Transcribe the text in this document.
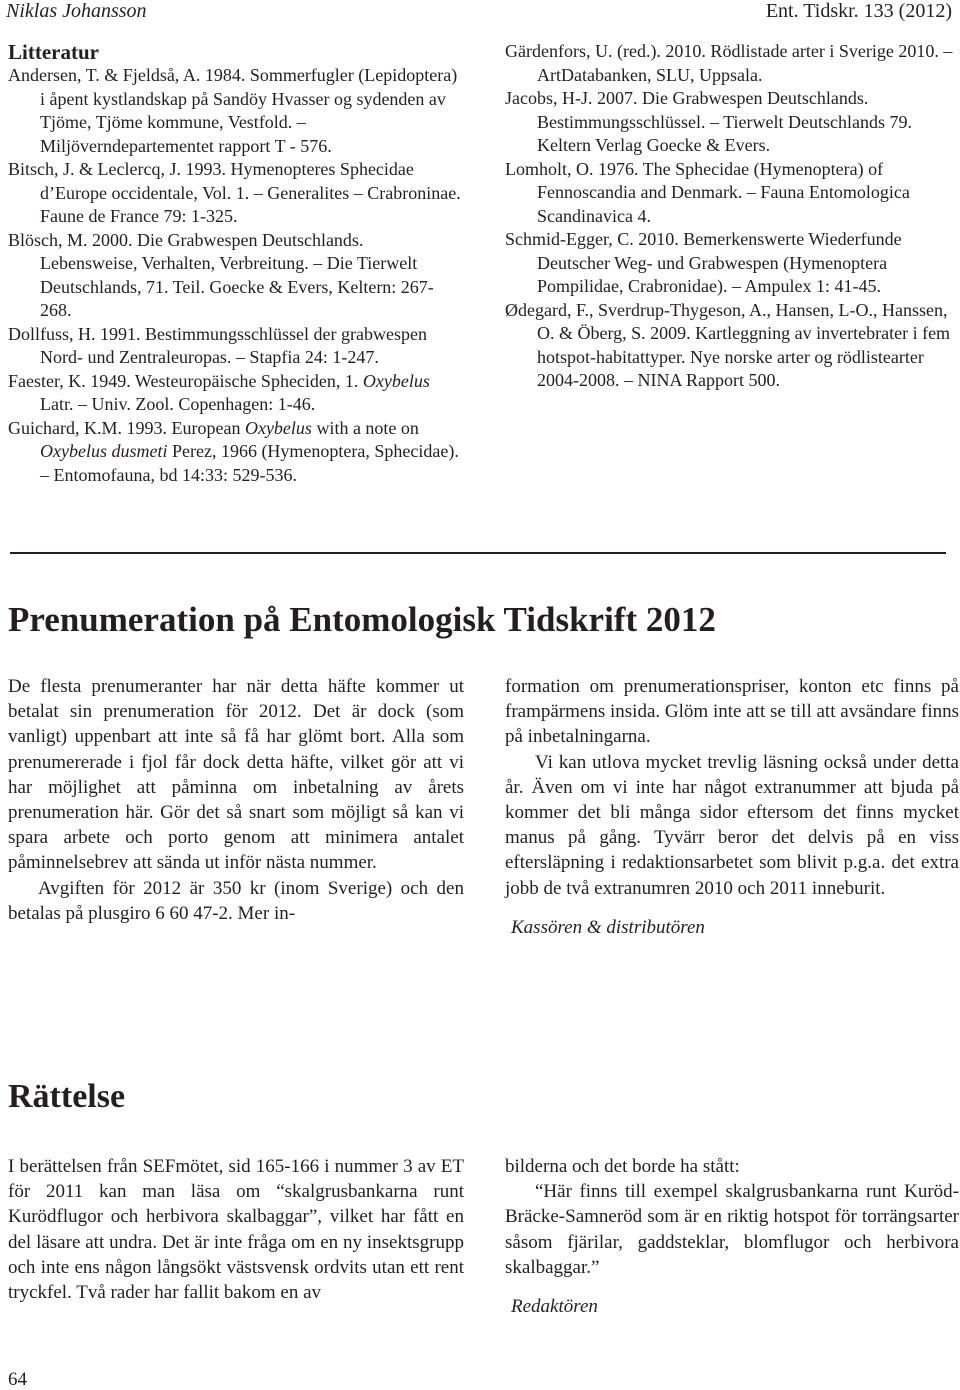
Niklas Johansson	Ent. Tidskr. 133 (2012)
Litteratur
Andersen, T. & Fjeldså, A. 1984. Sommerfugler (Lepidoptera) i åpent kystlandskap på Sandöy Hvasser og sydenden av Tjöme, Tjöme kommune, Vestfold. – Miljöverndepartementet rapport T - 576.
Bitsch, J. & Leclercq, J. 1993. Hymenopteres Sphecidae d’Europe occidentale, Vol. 1. – Generalites – Crabroninae. Faune de France 79: 1-325.
Blösch, M. 2000. Die Grabwespen Deutschlands. Lebensweise, Verhalten, Verbreitung. – Die Tierwelt Deutschlands, 71. Teil. Goecke & Evers, Keltern: 267-268.
Dollfuss, H. 1991. Bestimmungsschlüssel der grabwespen Nord- und Zentraleuropas. – Stapfia 24: 1-247.
Faester, K. 1949. Westeuropäische Spheciden, 1. Oxybelus Latr. – Univ. Zool. Copenhagen: 1-46.
Guichard, K.M. 1993. European Oxybelus with a note on Oxybelus dusmeti Perez, 1966 (Hymenoptera, Sphecidae). – Entomofauna, bd 14:33: 529-536.
Gärdenfors, U. (red.). 2010. Rödlistade arter i Sverige 2010. – ArtDatabanken, SLU, Uppsala.
Jacobs, H-J. 2007. Die Grabwespen Deutschlands. Bestimmungsschlüssel. – Tierwelt Deutschlands 79. Keltern Verlag Goecke & Evers.
Lomholt, O. 1976. The Sphecidae (Hymenoptera) of Fennoscandia and Denmark. – Fauna Entomologica Scandinavica 4.
Schmid-Egger, C. 2010. Bemerkenswerte Wiederfunde Deutscher Weg- und Grabwespen (Hymenoptera Pompilidae, Crabronidae). – Ampulex 1: 41-45.
Ødegard, F., Sverdrup-Thygeson, A., Hansen, L-O., Hanssen, O. & Öberg, S. 2009. Kartleggning av invertebrater i fem hotspot-habitattyper. Nye norske arter og rödlistearter 2004-2008. – NINA Rapport 500.
Prenumeration på Entomologisk Tidskrift 2012

De flesta prenumeranter har när detta häfte kommer ut betalat sin prenumeration för 2012. Det är dock (som vanligt) uppenbart att inte så få har glömt bort. Alla som prenumererade i fjol får dock detta häfte, vilket gör att vi har möjlighet att påminna om inbetalning av årets prenumeration här. Gör det så snart som möjligt så kan vi spara arbete och porto genom att minimera antalet påminnelsebrev att sända ut inför nästa nummer.

Avgiften för 2012 är 350 kr (inom Sverige) och den betalas på plusgiro 6 60 47-2. Mer in-

formation om prenumerationspriser, konton etc finns på frampärmens insida. Glöm inte att se till att avsändare finns på inbetalningarna.

Vi kan utlova mycket trevlig läsning också under detta år. Även om vi inte har något extranummer att bjuda på kommer det bli många sidor eftersom det finns mycket manus på gång. Tyvärr beror det delvis på en viss eftersläpning i redaktionsarbetet som blivit p.g.a. det extra jobb de två extranumren 2010 och 2011 inneburit.

Kassören & distributören

Rättelse

I berättelsen från SEFmötet, sid 165-166 i nummer 3 av ET för 2011 kan man läsa om “skalgrusbankarna runt Kurödflugor och herbivora skalbaggar”, vilket har fått en del läsare att undra. Det är inte fråga om en ny insektsgrupp och inte ens någon långsökt västsvensk ordvits utan ett rent tryckfel. Två rader har fallit bakom en av

bilderna och det borde ha stått:

“Här finns till exempel skalgrusbankarna runt Kuröd-Bräcke-Samneröd som är en riktig hotspot för torrängsarter såsom fjärilar, gaddsteklar, blomflugor och herbivora skalbaggar.”

Redaktören

64
